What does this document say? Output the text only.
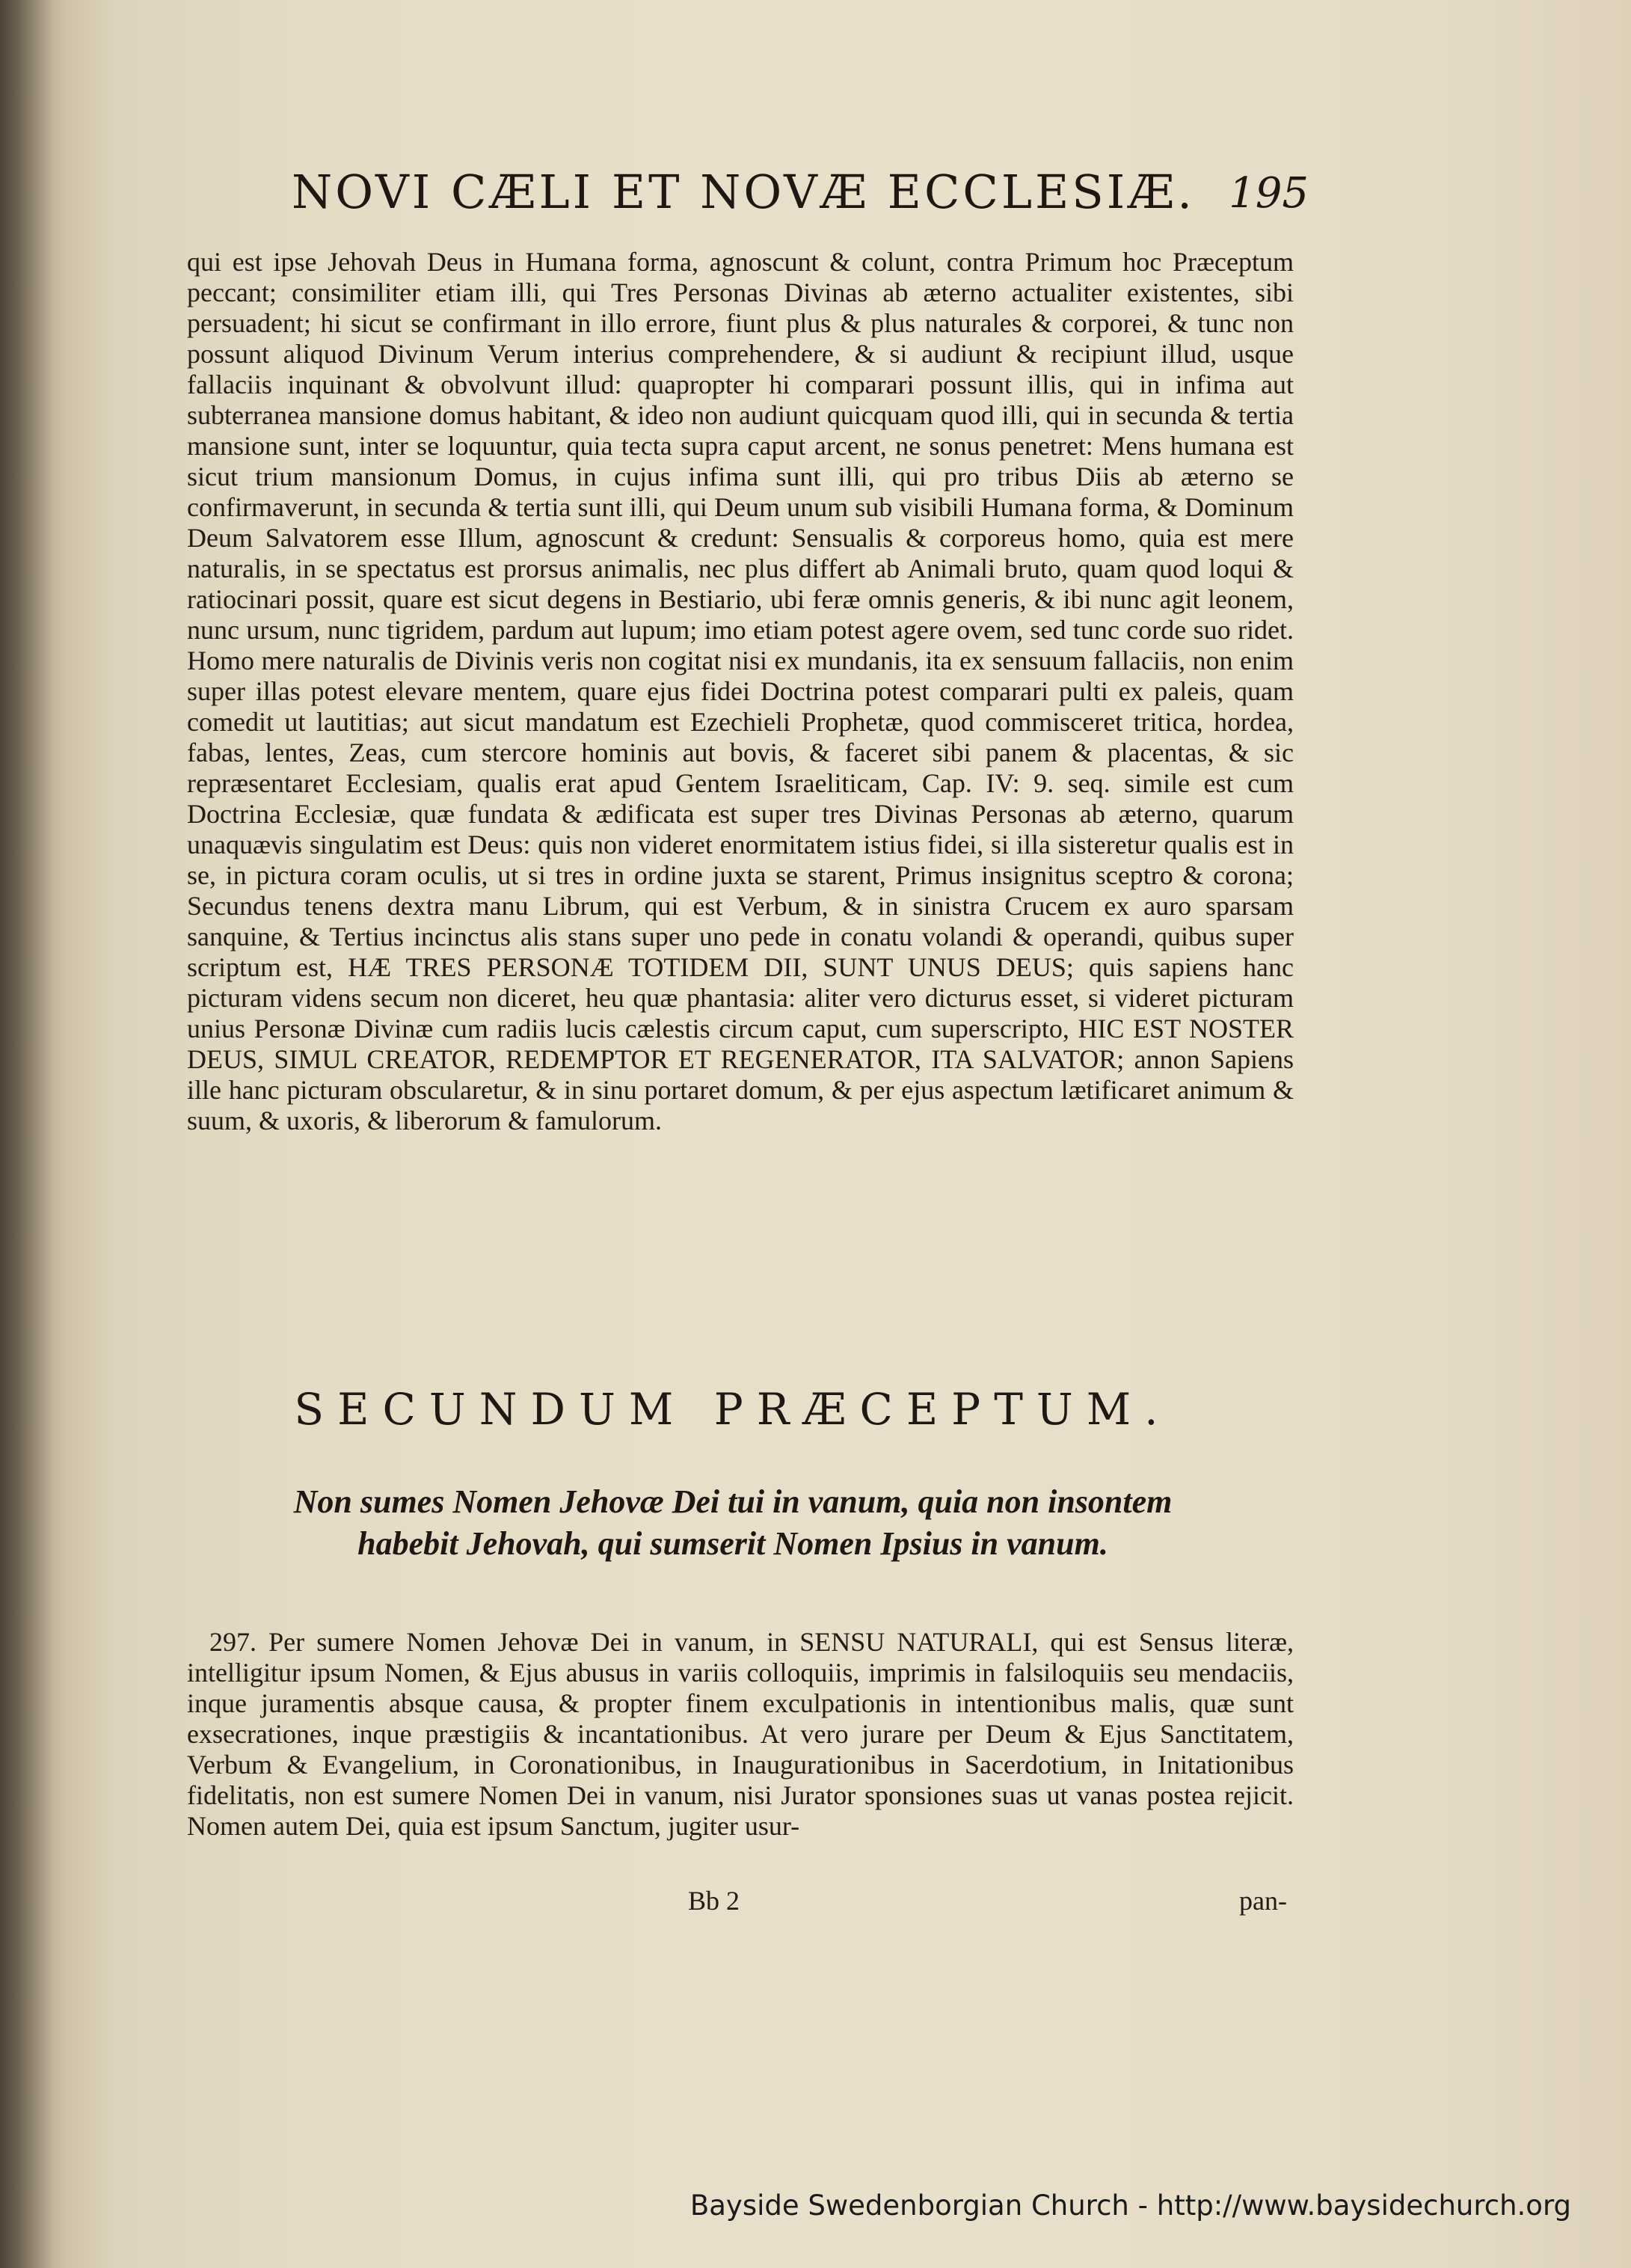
NOVI CÆLI ET NOVÆ ECCLESIÆ. 195

qui est ipse Jehovah Deus in Humana forma, agnoscunt & colunt, contra Primum hoc Præceptum peccant; consimiliter etiam illi, qui Tres Personas Divinas ab æterno actualiter existentes, sibi persuadent; hi sicut se confirmant in illo errore, fiunt plus & plus naturales & corporei, & tunc non possunt aliquod Divinum Verum interius comprehendere, & si audiunt & recipiunt illud, usque fallaciis inquinant & obvolvunt illud: quapropter hi comparari possunt illis, qui in infima aut subterranea mansione domus habitant, & ideo non audiunt quicquam quod illi, qui in secunda & tertia mansione sunt, inter se loquuntur, quia tecta supra caput arcent, ne sonus penetret: Mens humana est sicut trium mansionum Domus, in cujus infima sunt illi, qui pro tribus Diis ab æterno se confirmaverunt, in secunda & tertia sunt illi, qui Deum unum sub visibili Humana forma, & Dominum Deum Salvatorem esse Illum, agnoscunt & credunt: Sensualis & corporeus homo, quia est mere naturalis, in se spectatus est prorsus animalis, nec plus differt ab Animali bruto, quam quod loqui & ratiocinari possit, quare est sicut degens in Bestiario, ubi feræ omnis generis, & ibi nunc agit leonem, nunc ursum, nunc tigridem, pardum aut lupum; imo etiam potest agere ovem, sed tunc corde suo ridet. Homo mere naturalis de Divinis veris non cogitat nisi ex mundanis, ita ex sensuum fallaciis, non enim super illas potest elevare mentem, quare ejus fidei Doctrina potest comparari pulti ex paleis, quam comedit ut lautitias; aut sicut mandatum est Ezechieli Prophetæ, quod commisceret tritica, hordea, fabas, lentes, Zeas, cum stercore hominis aut bovis, & faceret sibi panem & placentas, & sic repræsentaret Ecclesiam, qualis erat apud Gentem Israeliticam, Cap. IV: 9. seq. simile est cum Doctrina Ecclesiæ, quæ fundata & ædificata est super tres Divinas Personas ab æterno, quarum unaquævis singulatim est Deus: quis non videret enormitatem istius fidei, si illa sisteretur qualis est in se, in pictura coram oculis, ut si tres in ordine juxta se starent, Primus insignitus sceptro & corona; Secundus tenens dextra manu Librum, qui est Verbum, & in sinistra Crucem ex auro sparsam sanquine, & Tertius incinctus alis stans super uno pede in conatu volandi & operandi, quibus super scriptum est, HÆ TRES PERSONÆ TOTIDEM DII, SUNT UNUS DEUS; quis sapiens hanc picturam videns secum non diceret, heu quæ phantasia: aliter vero dicturus esset, si videret picturam unius Personæ Divinæ cum radiis lucis cælestis circum caput, cum superscripto, HIC EST NOSTER DEUS, SIMUL CREATOR, REDEMPTOR ET REGENERATOR, ITA SALVATOR; annon Sapiens ille hanc picturam obscularetur, & in sinu portaret domum, & per ejus aspectum lætificaret animum & suum, & uxoris, & liberorum & famulorum.

SECUNDUM PRÆCEPTUM.
Non sumes Nomen Jehovæ Dei tui in vanum, quia non insontem
habebit Jehovah, qui sumserit Nomen Ipsius in vanum.

297. Per sumere Nomen Jehovæ Dei in vanum, in SENSU NATURALI, qui est Sensus literæ, intelligitur ipsum Nomen, & Ejus abusus in variis colloquiis, imprimis in falsiloquiis seu mendaciis, inque juramentis absque causa, & propter finem exculpationis in intentionibus malis, quæ sunt exsecrationes, inque præstigiis & incantationibus. At vero jurare per Deum & Ejus Sanctitatem, Verbum & Evangelium, in Coronationibus, in Inaugurationibus in Sacerdotium, in Initationibus fidelitatis, non est sumere Nomen Dei in vanum, nisi Jurator sponsiones suas ut vanas postea rejicit. Nomen autem Dei, quia est ipsum Sanctum, jugiter usur-

Bb 2	pan-
Bayside Swedenborgian Church - http://www.baysidechurch.org
